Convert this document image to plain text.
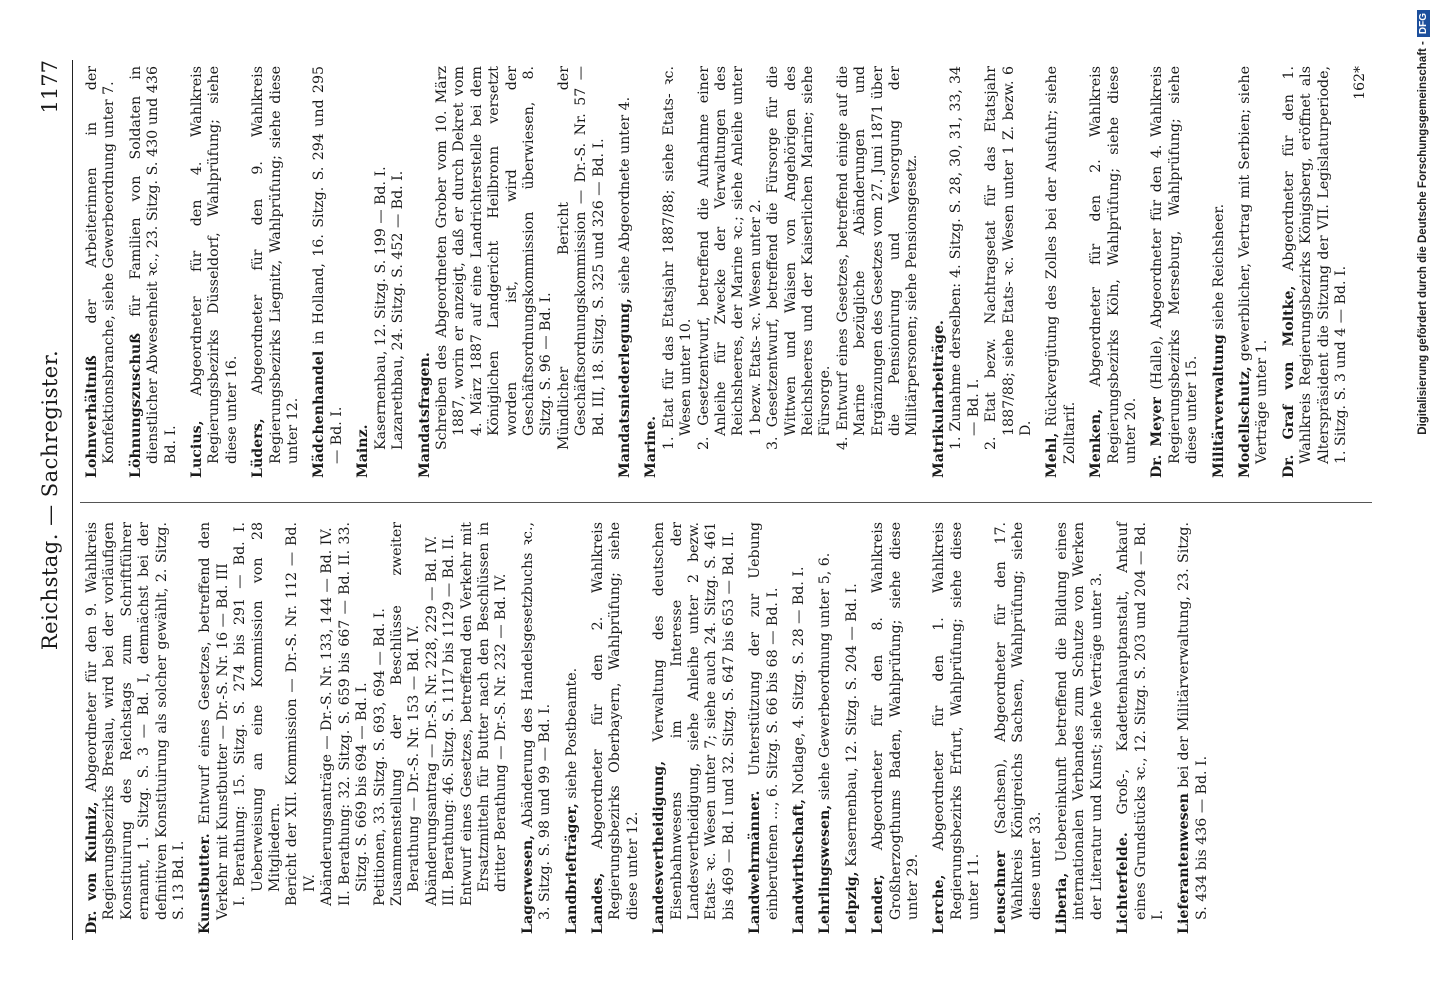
Reichstag. — Sachregister.
1177
Dr. von Kulmiz, Abgeordneter für den 9. Wahlkreis Regierungsbezirks Breslau, wird bei der vorläufigen Konstituirung des Reichstags zum Schriftführer ernannt, 1. Sitzg. S. 3 — Bd. I, demnächst bei der definitiven Konstituirung als solcher gewählt, 2. Sitzg. S. 13 Bd. I. Kunstbutter. Entwurf eines Gesetzes, betreffend den Verkehr mit Kunstbutter — Dr.-S. Nr. 16 — Bd. III I. Berathung: 15. Sitzg. S. 274 bis 291 — Bd. I. Ueberweisung an eine Kommission von 28 Mitgliedern. Bericht der XII. Kommission — Dr.-S. Nr. 112 — Bd. IV. Abänderungsanträge — Dr.-S. Nr. 133, 144 — Bd. IV. II. Berathung: 32. Sitzg. S. 659 bis 667 — Bd. II. 33. Sitzg. S. 669 bis 694 — Bd. I. Petitionen, 33. Sitzg. S. 693, 694 — Bd. I. Zusammenstellung der Beschlüsse zweiter Berathung — Dr.-S. Nr. 153 — Bd. IV. Abänderungsantrag — Dr.-S. Nr. 228, 229 — Bd. IV. III. Berathung: 46. Sitzg. S. 1117 bis 1129 — Bd. II. Entwurf eines Gesetzes, betreffend den Verkehr mit Ersatzmitteln für Butter nach den Beschlüssen in dritter Berathung — Dr.-S. Nr. 232 — Bd. IV. Lagerwesen, Abänderung des Handelsgesetzbuchs ꝛc., 3. Sitzg. S. 98 und 99 — Bd. I. Landbriefträger, siehe Postbeamte.
Landes, Abgeordneter für den 2. Wahlkreis Regierungsbezirks Oberbayern, Wahlprüfung; siehe diese unter 12. Landesvertheidigung, Verwaltung des deutschen Eisenbahnwesens im Interesse der Landesvertheidigung, siehe Anleihe unter 2 bezw. Etats- ꝛc. Wesen unter 7; siehe auch 24. Sitzg. S. 461 bis 469 — Bd. I und 32. Sitzg. S. 647 bis 653 — Bd. II. Landwehrmänner. Unterstützung der zur Uebung einberufenen ..., 6. Sitzg. S. 66 bis 68 — Bd. I. Landwirthschaft, Notlage, 4. Sitzg. S. 28 — Bd. I.
Lehrlingswesen, siehe Gewerbeordnung unter 5, 6.
Leipzig, Kasernenbau, 12. Sitzg. S. 204 — Bd. I.
Lender, Abgeordneter für den 8. Wahlkreis Großherzogthums Baden, Wahlprüfung; siehe diese unter 29. Lerche, Abgeordneter für den 1. Wahlkreis Regierungsbezirks Erfurt, Wahlprüfung; siehe diese unter 11. Leuschner (Sachsen), Abgeordneter für den 17. Wahlkreis Königreichs Sachsen, Wahlprüfung; siehe diese unter 33. Liberia, Uebereinkunft betreffend die Bildung eines internationalen Verbandes zum Schutze von Werken der Literatur und Kunst; siehe Verträge unter 3. Lichterfelde. Groß-, Kadettenhauptanstalt, Ankauf eines Grundstücks ꝛc., 12. Sitzg. S. 203 und 204 — Bd. I. Lieferantenwesen bei der Militärverwaltung, 23. Sitzg. S. 434 bis 436 — Bd. I.
Lohnverhältniß der Arbeiterinnen in der Konfektionsbranche, siehe Gewerbeordnung unter 7. Löhnungszuschuß für Familien von Soldaten in dienstlicher Abwesenheit ꝛc., 23. Sitzg. S. 430 und 436 Bd. I. Lucius, Abgeordneter für den 4. Wahlkreis Regierungsbezirks Düsseldorf, Wahlprüfung; siehe diese unter 16. Lüders, Abgeordneter für den 9. Wahlkreis Regierungsbezirks Liegnitz, Wahlprüfung; siehe diese unter 12. Mädchenhandel in Holland, 16. Sitzg. S. 294 und 295 — Bd. I. Mainz.
Kasernenbau, 12. Sitzg. S. 199 — Bd. I. Lazarethbau, 24. Sitzg. S. 452 — Bd. I. Mandatsfragen. Schreiben des Abgeordneten Grober vom 10. März 1887, worin er anzeigt, daß er durch Dekret vom 4. März 1887 auf eine Landrichterstelle bei dem Königlichen Landgericht Heilbronn versetzt worden ist, wird der Geschäftsordnungskommission überwiesen, 8. Sitzg. S. 96 — Bd. I. Mündlicher Bericht der Geschäftsordnungskommission — Dr.-S. Nr. 57 — Bd. III, 18. Sitzg. S. 325 und 326 — Bd. I. Mandatsniederlegung, siehe Abgeordnete unter 4.
Marine. 1. Etat für das Etatsjahr 1887/88; siehe Etats- ꝛc. Wesen unter 10. 2. Gesetzentwurf, betreffend die Aufnahme einer Anleihe für Zwecke der Verwaltungen des Reichsheeres, der Marine ꝛc.; siehe Anleihe unter 1 bezw. Etats- ꝛc. Wesen unter 2. 3. Gesetzentwurf, betreffend die Fürsorge für die Wittwen und Waisen von Angehörigen des Reichsheeres und der Kaiserlichen Marine; siehe Fürsorge. 4. Entwurf eines Gesetzes, betreffend einige auf die Marine bezügliche Abänderungen und Ergänzungen des Gesetzes vom 27. Juni 1871 über die Pensionirung und Versorgung der Militärpersonen; siehe Pensionsgesetz. Matrikularbeiträge. 1. Zunahme derselben: 4. Sitzg. S. 28, 30, 31, 33, 34 — Bd. I. 2. Etat bezw. Nachtragsetat für das Etatsjahr 1887/88; siehe Etats- ꝛc. Wesen unter 1 Z. bezw. 6 D.
Mehl, Rückvergütung des Zolles bei der Ausfuhr; siehe Zolltarif. Menken, Abgeordneter für den 2. Wahlkreis Regierungsbezirks Köln, Wahlprüfung; siehe diese unter 20. Dr. Meyer (Halle), Abgeordneter für den 4. Wahlkreis Regierungsbezirks Merseburg, Wahlprüfung; siehe diese unter 15. Militärverwaltung siehe Reichsheer.
Modellschutz, gewerblicher, Vertrag mit Serbien; siehe Verträge unter 1. Dr. Graf von Moltke, Abgeordneter für den 1. Wahlkreis Regierungsbezirks Königsberg, eröffnet als Alterspräsident die Sitzung der VII. Legislaturperiode, 1. Sitzg. S. 3 und 4 — Bd. I.
162*	Digitalisierung gefördert durch die Deutsche Forschungsgemeinschaft -DFG
